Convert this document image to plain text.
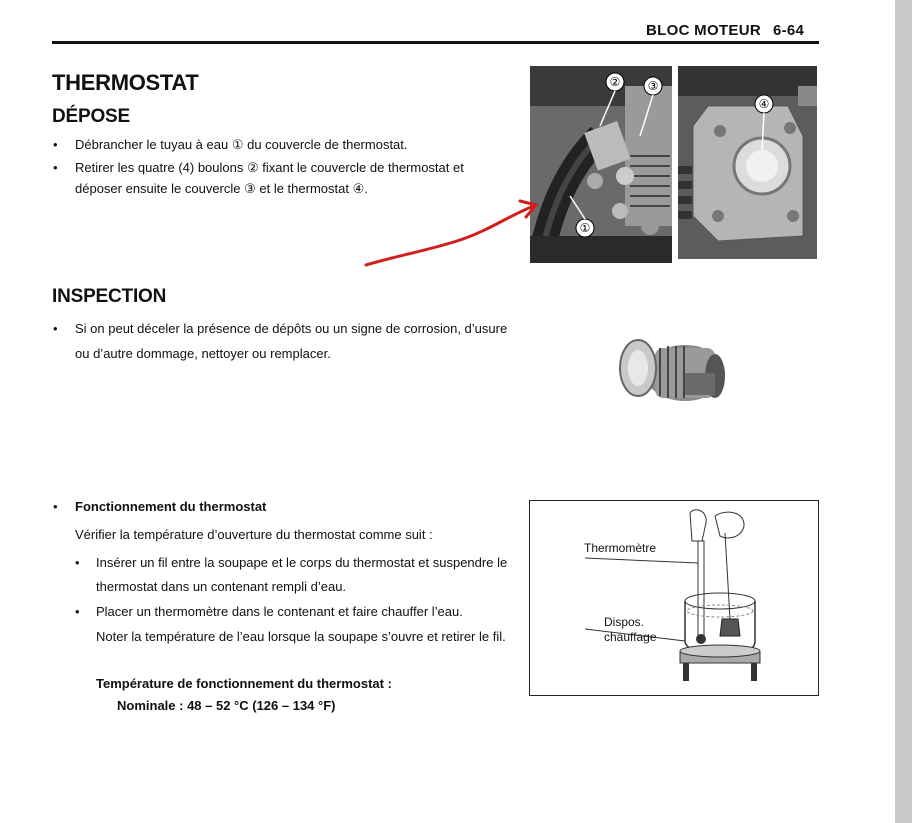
BLOC MOTEUR 6-64
THERMOSTAT
DÉPOSE
• Débrancher le tuyau à eau ① du couvercle de thermostat.
• Retirer les quatre (4) boulons ② fixant le couvercle de thermostat et
déposer ensuite le couvercle ③ et le thermostat ④.
② ③
①
④
INSPECTION
• Si on peut déceler la présence de dépôts ou un signe de corrosion, d’usure
ou d’autre dommage, nettoyer ou remplacer.
• Fonctionnement du thermostat
Vérifier la température d’ouverture du thermostat comme suit :
• Insérer un fil entre la soupape et le corps du thermostat et suspendre le
thermostat dans un contenant rempli d’eau.
• Placer un thermomètre dans le contenant et faire chauffer l’eau.
Noter la température de l’eau lorsque la soupape s’ouvre et retirer le fil.
Température de fonctionnement du thermostat :
Nominale : 48 – 52 °C (126 – 134 °F)
Thermomètre
Dispos.
chauffage
